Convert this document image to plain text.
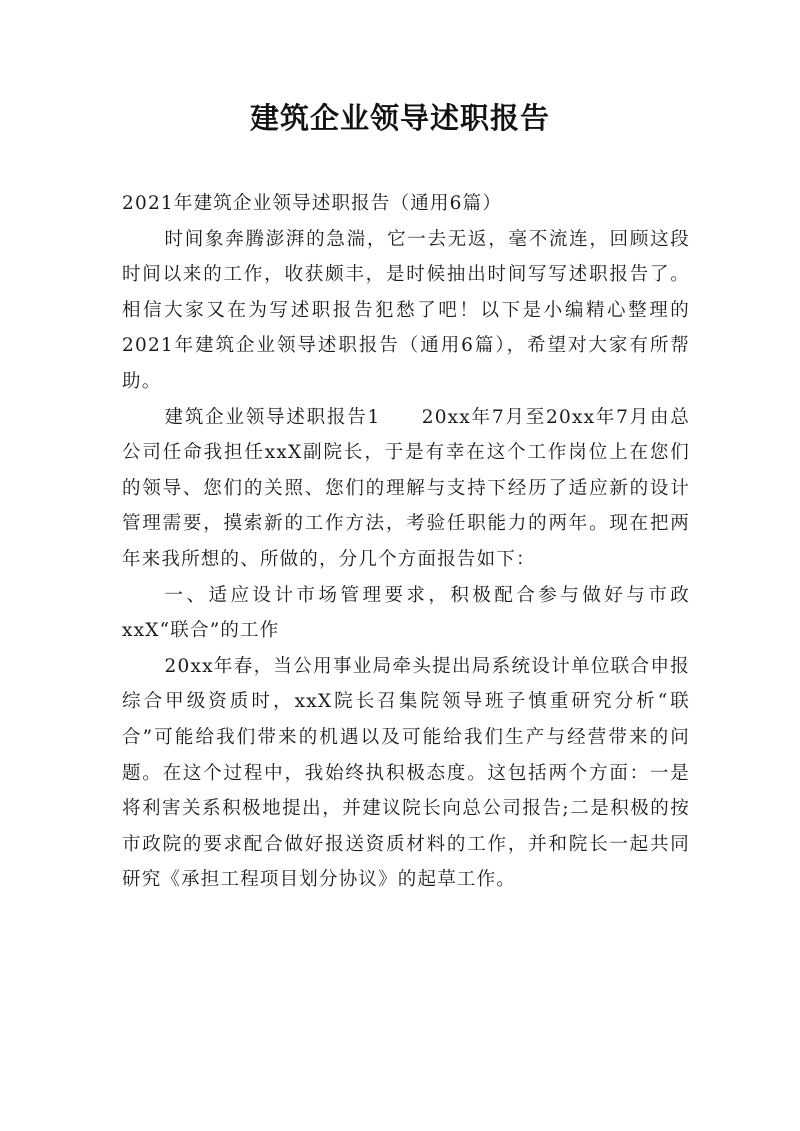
建筑企业领导述职报告

2021年建筑企业领导述职报告（通用6篇）

时间象奔腾澎湃的急湍，它一去无返，毫不流连，回顾这段时间以来的工作，收获颇丰，是时候抽出时间写写述职报告了。相信大家又在为写述职报告犯愁了吧！以下是小编精心整理的2021年建筑企业领导述职报告（通用6篇），希望对大家有所帮助。

建筑企业领导述职报告1　　20xx年7月至20xx年7月由总公司任命我担任xxX副院长，于是有幸在这个工作岗位上在您们的领导、您们的关照、您们的理解与支持下经历了适应新的设计管理需要，摸索新的工作方法，考验任职能力的两年。现在把两年来我所想的、所做的，分几个方面报告如下：

一、适应设计市场管理要求，积极配合参与做好与市政xxX“联合”的工作

20xx年春，当公用事业局牵头提出局系统设计单位联合申报综合甲级资质时，xxX院长召集院领导班子慎重研究分析“联合”可能给我们带来的机遇以及可能给我们生产与经营带来的问题。在这个过程中，我始终执积极态度。这包括两个方面：一是将利害关系积极地提出，并建议院长向总公司报告;二是积极的按市政院的要求配合做好报送资质材料的工作，并和院长一起共同研究《承担工程项目划分协议》的起草工作。
